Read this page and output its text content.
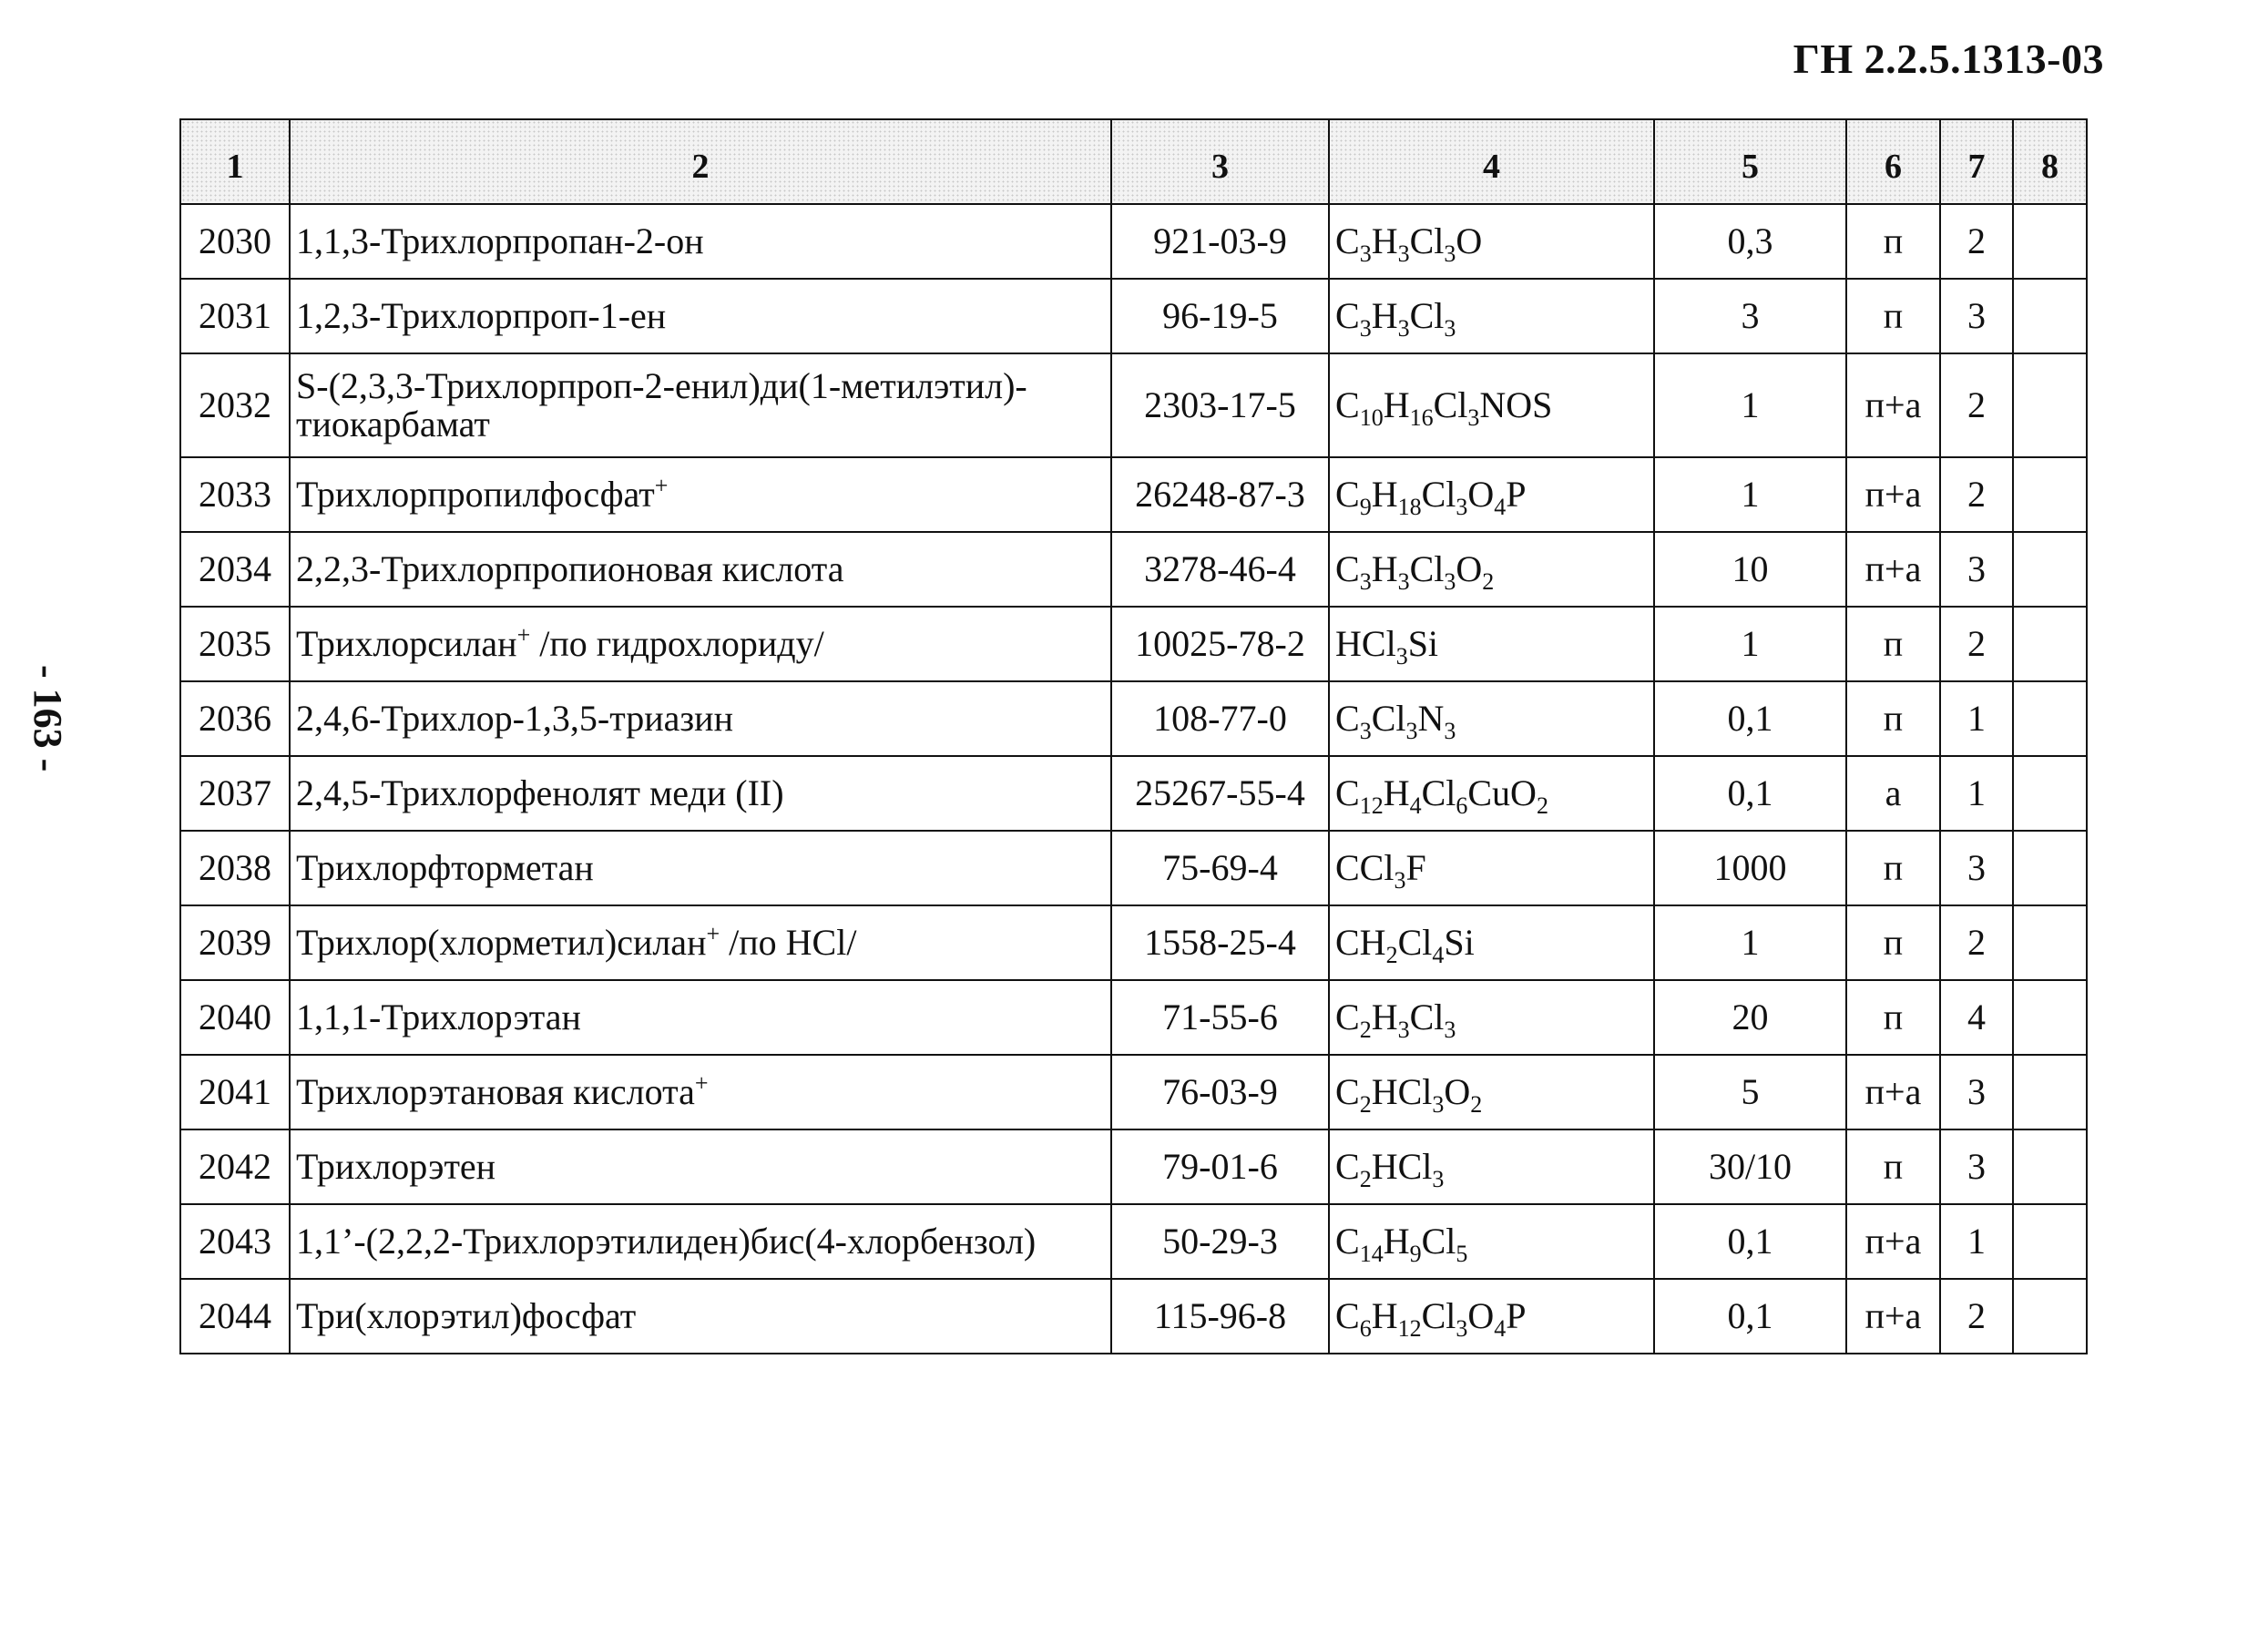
ГН 2.2.5.1313-03
- 163 -
1	2	3	4	5	6	7	8
2030	1,1,3-Трихлорпропан-2-он	921-03-9	$C_3H_3Cl_3O$	0,3	п	2	
2031	1,2,3-Трихлорпроп-1-ен	96-19-5	$C_3H_3Cl_3$	3	п	3	
2032	S-(2,3,3-Трихлорпроп-2-енил)ди(1-метилэтил)-
тиокарбамат	2303-17-5	$C_{10}H_{16}Cl_3NOS$	1	п+а	2	
2033	Трихлорпропилфосфат+	26248-87-3	$C_9H_{18}Cl_3O_4P$	1	п+а	2	
2034	2,2,3-Трихлорпропионовая кислота	3278-46-4	$C_3H_3Cl_3O_2$	10	п+а	3	
2035	Трихлорсилан+ /по гидрохлориду/	10025-78-2	HCl$_3$Si	1	п	2	
2036	2,4,6-Трихлор-1,3,5-триазин	108-77-0	$C_3Cl_3N_3$	0,1	п	1	
2037	2,4,5-Трихлорфенолят меди (II)	25267-55-4	$C_{12}H_4Cl_6CuO_2$	0,1	а	1	
2038	Трихлорфторметан	75-69-4	CCl$_3$F	1000	п	3	
2039	Трихлор(хлорметил)силан+ /по HCl/	1558-25-4	$CH_2Cl_4Si$	1	п	2	
2040	1,1,1-Трихлорэтан	71-55-6	$C_2H_3Cl_3$	20	п	4	
2041	Трихлорэтановая кислота+	76-03-9	$C_2HCl_3O_2$	5	п+а	3	
2042	Трихлорэтен	79-01-6	$C_2HCl_3$	30/10	п	3	
2043	1,1’-(2,2,2-Трихлорэтилиден)бис(4-хлорбензол)	50-29-3	$C_{14}H_9Cl_5$	0,1	п+а	1	
2044	Три(хлорэтил)фосфат	115-96-8	$C_6H_{12}Cl_3O_4P$	0,1	п+а	2	
